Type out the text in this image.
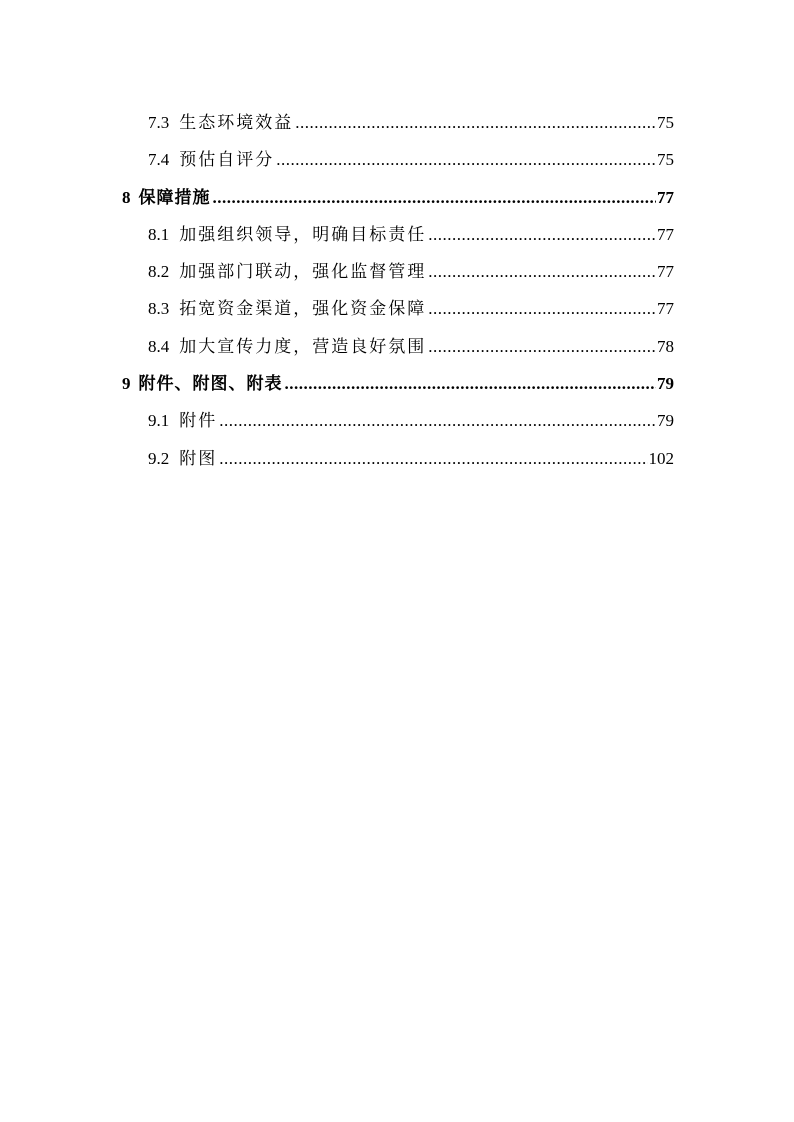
7.3 生态环境效益 .....	75
7.4 预估自评分 .....	75
8 保障措施 .....	77
8.1 加强组织领导，明确目标责任 .....	77
8.2 加强部门联动，强化监督管理 .....	77
8.3 拓宽资金渠道，强化资金保障 .....	77
8.4 加大宣传力度，营造良好氛围 .....	78
9 附件、附图、附表 .....	79
9.1 附件 .....	79
9.2 附图 .....	102
